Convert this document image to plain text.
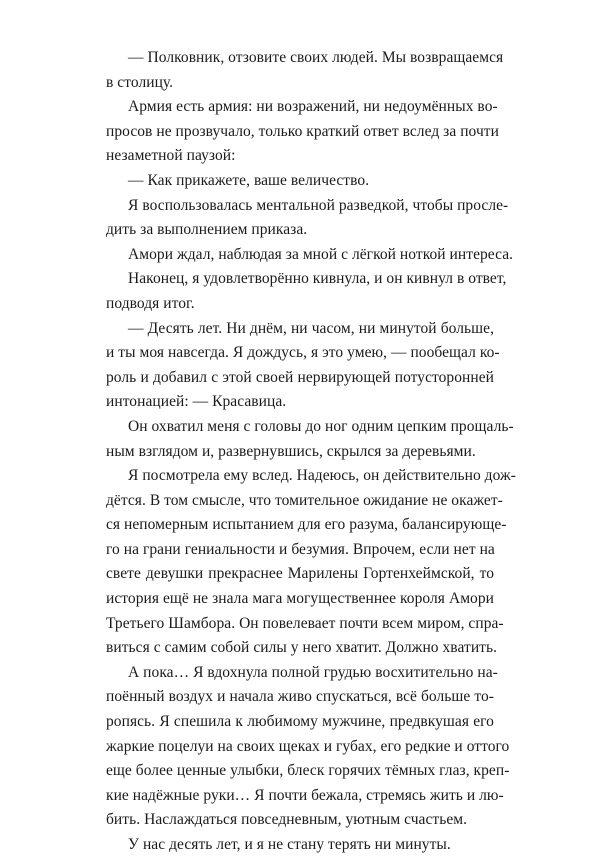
— Полковник, отзовите своих людей. Мы возвращаемся
в столицу.
Армия есть армия: ни возражений, ни недоумённых во-
просов не прозвучало, только краткий ответ вслед за почти
незаметной паузой:
— Как прикажете, ваше величество.
Я воспользовалась ментальной разведкой, чтобы просле-
дить за выполнением приказа.
Амори ждал, наблюдая за мной с лёгкой ноткой интереса.
Наконец, я удовлетворённо кивнула, и он кивнул в ответ,
подводя итог.
— Десять лет. Ни днём, ни часом, ни минутой больше,
и ты моя навсегда. Я дождусь, я это умею, — пообещал ко-
роль и добавил с этой своей нервирующей потусторонней
интонацией: — Красавица.
Он охватил меня с головы до ног одним цепким прощаль-
ным взглядом и, развернувшись, скрылся за деревьями.
Я посмотрела ему вслед. Надеюсь, он действительно дож-
дётся. В том смысле, что томительное ожидание не окажет-
ся непомерным испытанием для его разума, балансирующе-
го на грани гениальности и безумия. Впрочем, если нет на
свете девушки прекраснее Марилены Гортенхеймской, то
история ещё не знала мага могущественнее короля Амори
Третьего Шамбора. Он повелевает почти всем миром, спра-
виться с самим собой силы у него хватит. Должно хватить.
А пока… Я вдохнула полной грудью восхитительно на-
поённый воздух и начала живо спускаться, всё больше то-
ропясь. Я спешила к любимому мужчине, предвкушая его
жаркие поцелуи на своих щеках и губах, его редкие и оттого
еще более ценные улыбки, блеск горячих тёмных глаз, креп-
кие надёжные руки… Я почти бежала, стремясь жить и лю-
бить. Наслаждаться повседневным, уютным счастьем.
У нас десять лет, и я не стану терять ни минуты.
